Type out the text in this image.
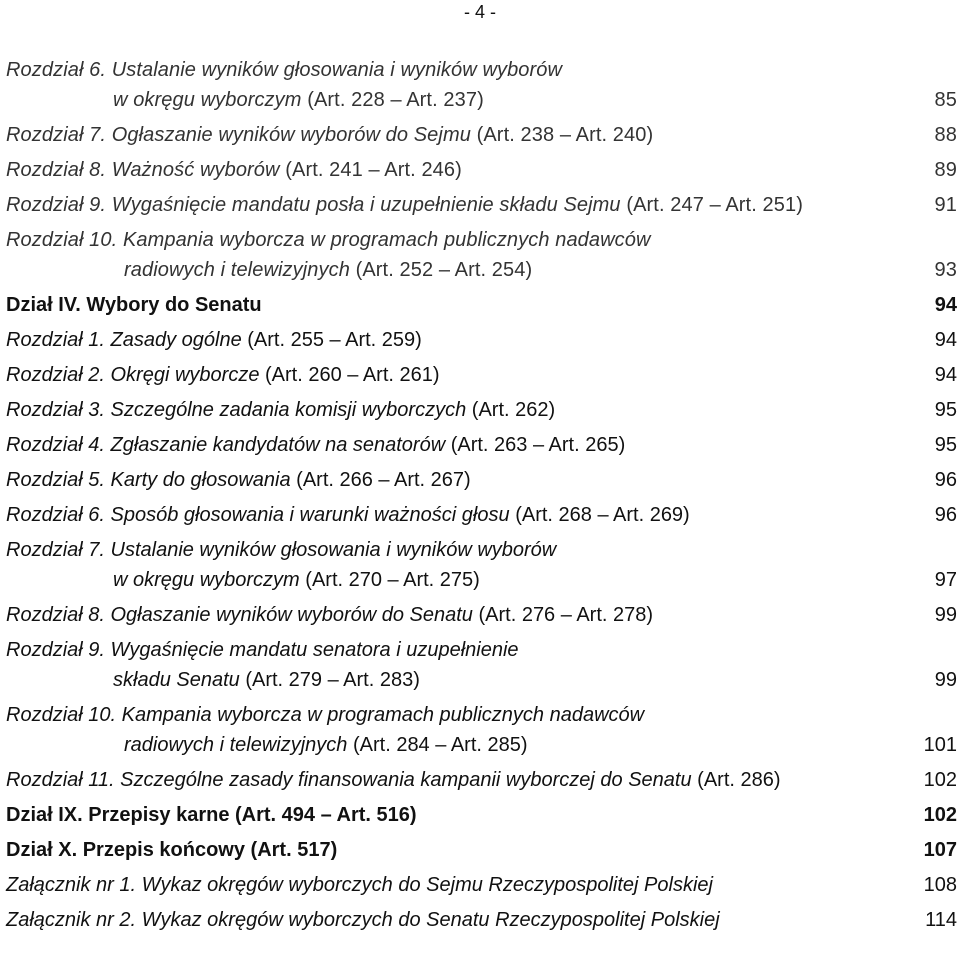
- 4 -
Rozdział 6. Ustalanie wyników głosowania i wyników wyborów
w okręgu wyborczym (Art. 228 – Art. 237)	85
Rozdział 7. Ogłaszanie wyników wyborów do Sejmu (Art. 238 – Art. 240)	88
Rozdział 8. Ważność wyborów (Art. 241 – Art. 246)	89
Rozdział 9. Wygaśnięcie mandatu posła i uzupełnienie składu Sejmu (Art. 247 – Art. 251)	91
Rozdział 10. Kampania wyborcza w programach publicznych nadawców
radiowych i telewizyjnych (Art. 252 – Art. 254)	93
Dział IV. Wybory do Senatu	94
Rozdział 1. Zasady ogólne (Art. 255 – Art. 259)	94
Rozdział 2. Okręgi wyborcze (Art. 260 – Art. 261)	94
Rozdział 3. Szczególne zadania komisji wyborczych (Art. 262)	95
Rozdział 4. Zgłaszanie kandydatów na senatorów (Art. 263 – Art. 265)	95
Rozdział 5. Karty do głosowania (Art. 266 – Art. 267)	96
Rozdział 6. Sposób głosowania i warunki ważności głosu (Art. 268 – Art. 269)	96
Rozdział 7. Ustalanie wyników głosowania i wyników wyborów
w okręgu wyborczym (Art. 270 – Art. 275)	97
Rozdział 8. Ogłaszanie wyników wyborów do Senatu (Art. 276 – Art. 278)	99
Rozdział 9. Wygaśnięcie mandatu senatora i uzupełnienie
składu Senatu (Art. 279 – Art. 283)	99
Rozdział 10. Kampania wyborcza w programach publicznych nadawców
radiowych i telewizyjnych (Art. 284 – Art. 285)	101
Rozdział 11. Szczególne zasady finansowania kampanii wyborczej do Senatu (Art. 286)	102
Dział IX. Przepisy karne (Art. 494 – Art. 516)	102
Dział X. Przepis końcowy (Art. 517)	107
Załącznik nr 1. Wykaz okręgów wyborczych do Sejmu Rzeczypospolitej Polskiej	108
Załącznik nr 2. Wykaz okręgów wyborczych do Senatu Rzeczypospolitej Polskiej	114
